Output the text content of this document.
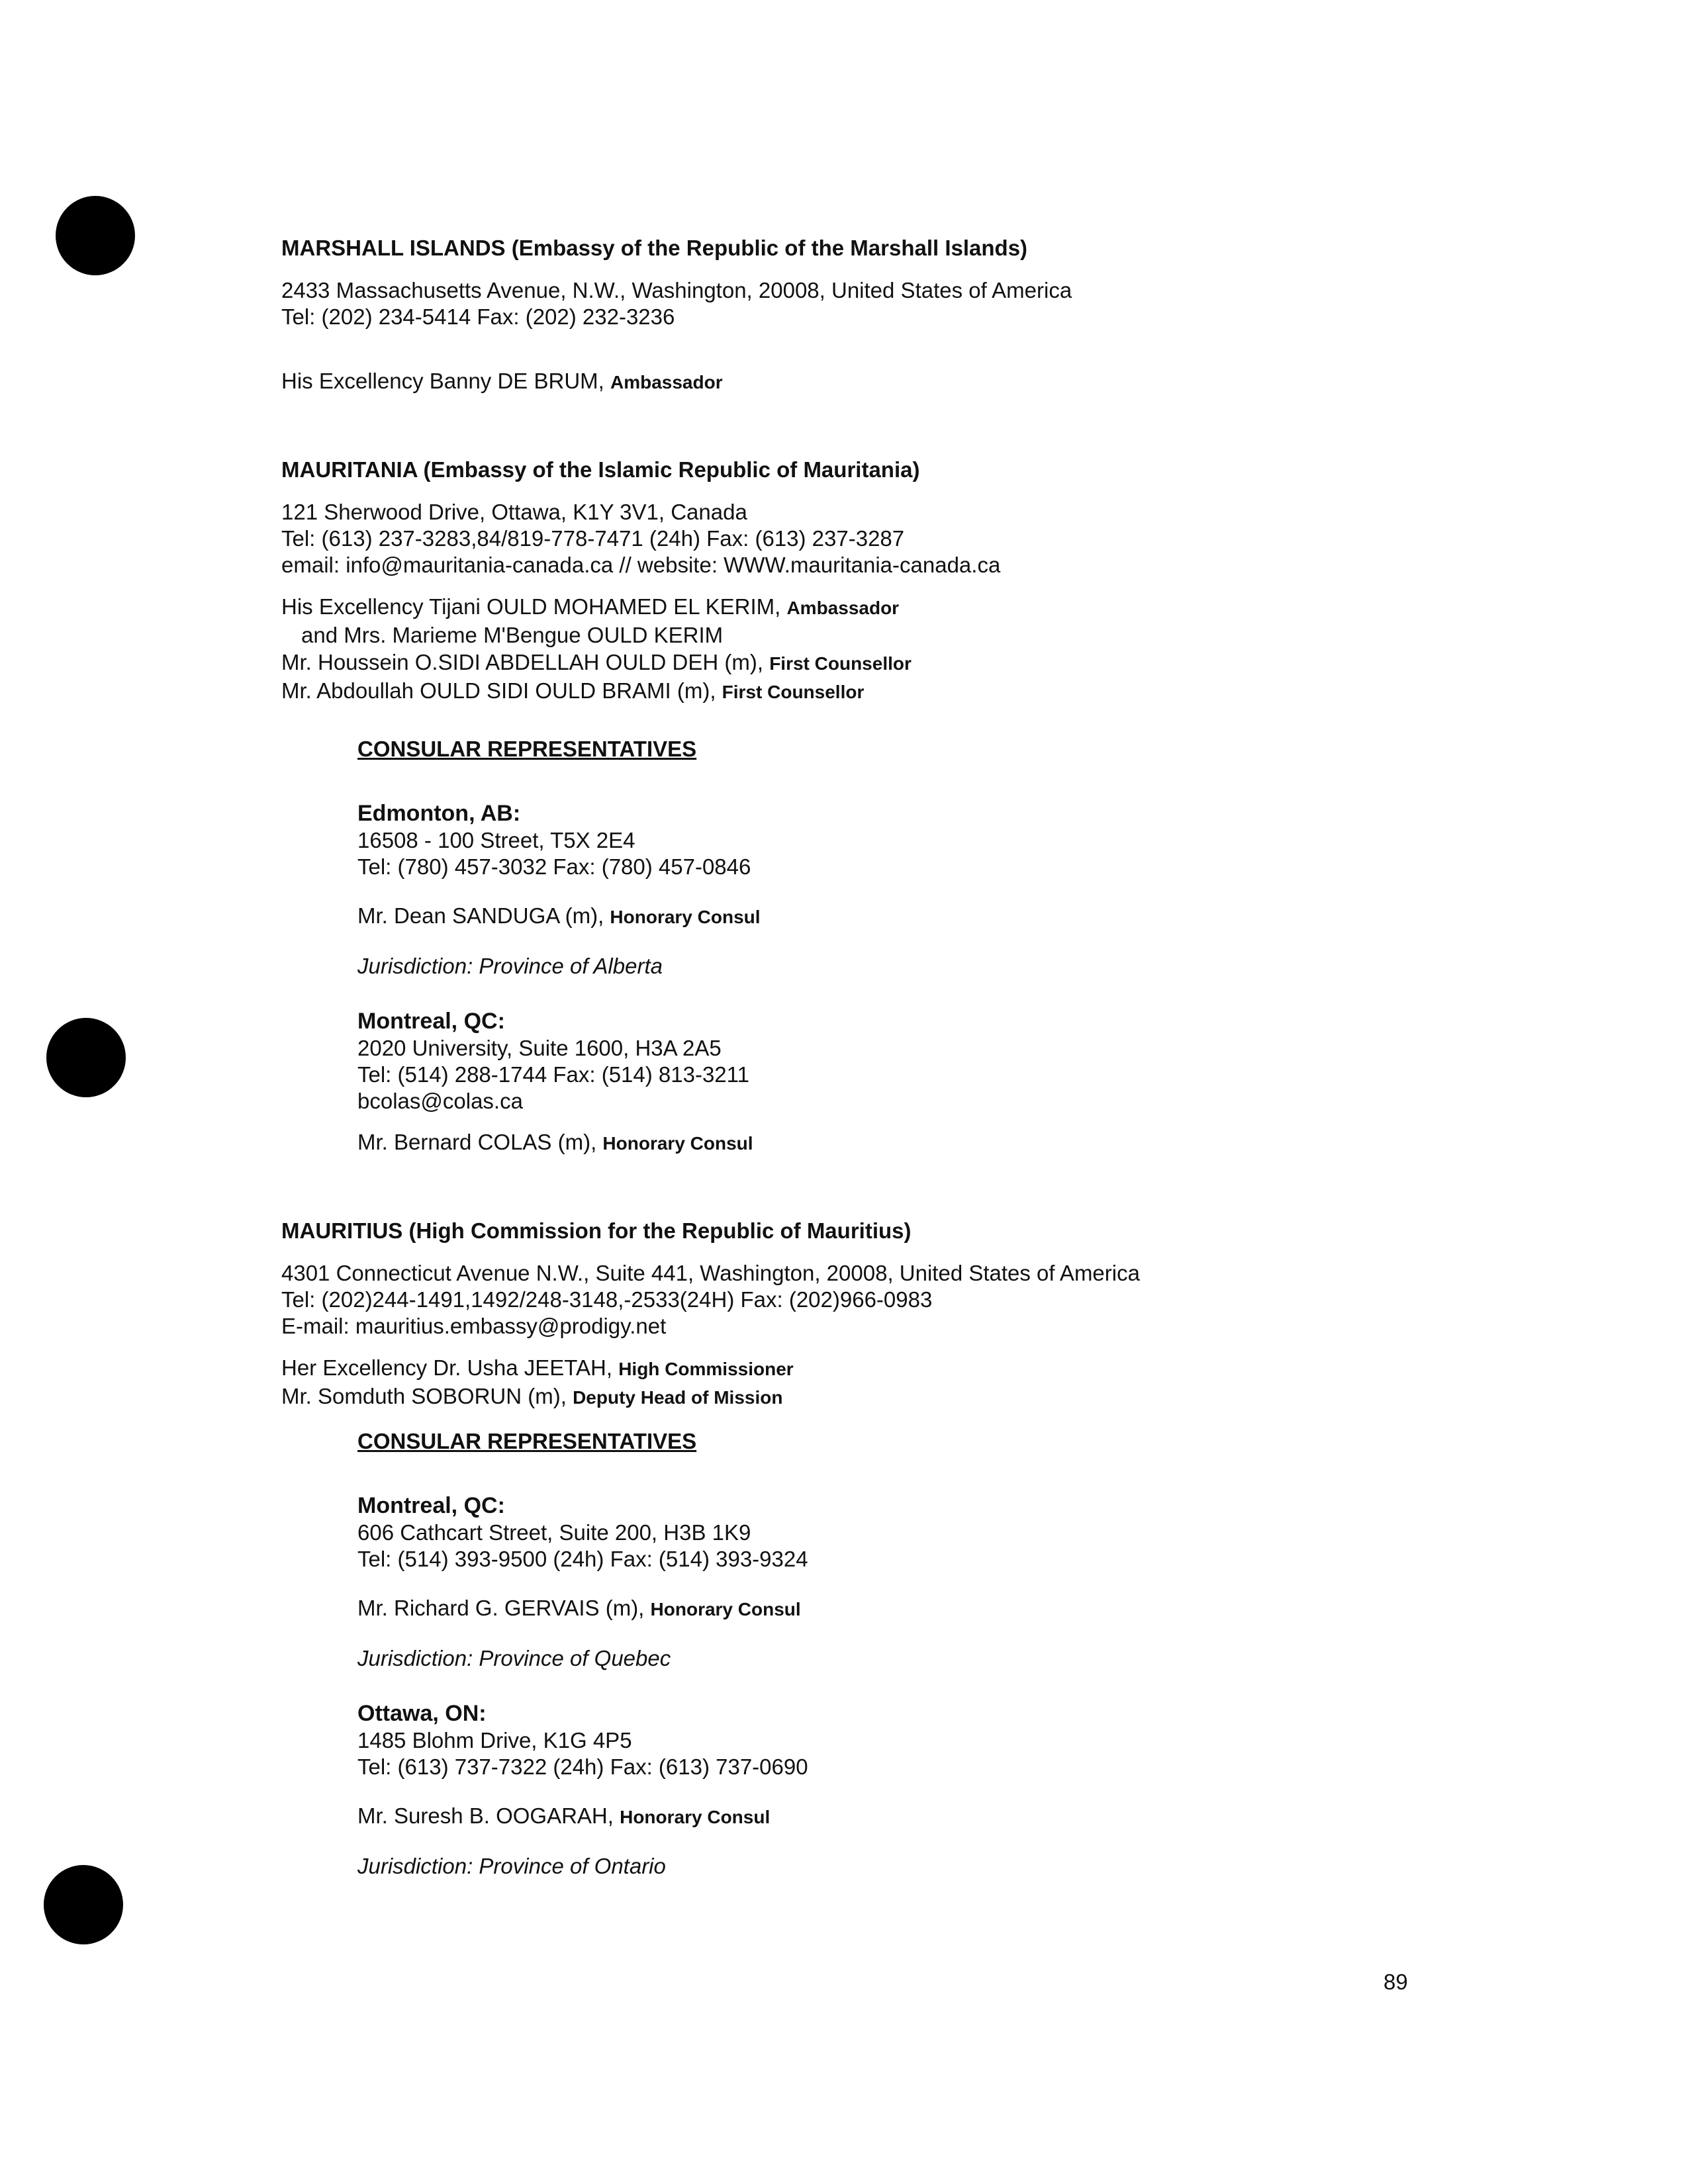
MARSHALL ISLANDS (Embassy of the Republic of the Marshall Islands)
2433 Massachusetts Avenue, N.W., Washington, 20008, United States of America
Tel: (202) 234-5414 Fax: (202) 232-3236
His Excellency Banny DE BRUM, Ambassador
MAURITANIA (Embassy of the Islamic Republic of Mauritania)
121 Sherwood Drive, Ottawa, K1Y 3V1, Canada
Tel: (613) 237-3283,84/819-778-7471 (24h) Fax: (613) 237-3287
email: info@mauritania-canada.ca // website: WWW.mauritania-canada.ca
His Excellency Tijani OULD MOHAMED EL KERIM, Ambassador
and Mrs. Marieme M'Bengue OULD KERIM
Mr. Houssein O.SIDI ABDELLAH OULD DEH (m), First Counsellor
Mr. Abdoullah OULD SIDI OULD BRAMI (m), First Counsellor
CONSULAR REPRESENTATIVES
Edmonton, AB:
16508 - 100 Street, T5X 2E4
Tel: (780) 457-3032 Fax: (780) 457-0846
Mr. Dean SANDUGA (m), Honorary Consul
Jurisdiction: Province of Alberta
Montreal, QC:
2020 University, Suite 1600, H3A 2A5
Tel: (514) 288-1744 Fax: (514) 813-3211
bcolas@colas.ca
Mr. Bernard COLAS (m), Honorary Consul
MAURITIUS (High Commission for the Republic of Mauritius)
4301 Connecticut Avenue N.W., Suite 441, Washington, 20008, United States of America
Tel: (202)244-1491,1492/248-3148,-2533(24H) Fax: (202)966-0983
E-mail: mauritius.embassy@prodigy.net
Her Excellency Dr. Usha JEETAH, High Commissioner
Mr. Somduth SOBORUN (m), Deputy Head of Mission
CONSULAR REPRESENTATIVES
Montreal, QC:
606 Cathcart Street, Suite 200, H3B 1K9
Tel: (514) 393-9500 (24h) Fax: (514) 393-9324
Mr. Richard G. GERVAIS (m), Honorary Consul
Jurisdiction: Province of Quebec
Ottawa, ON:
1485 Blohm Drive, K1G 4P5
Tel: (613) 737-7322 (24h) Fax: (613) 737-0690
Mr. Suresh B. OOGARAH, Honorary Consul
Jurisdiction: Province of Ontario
89
